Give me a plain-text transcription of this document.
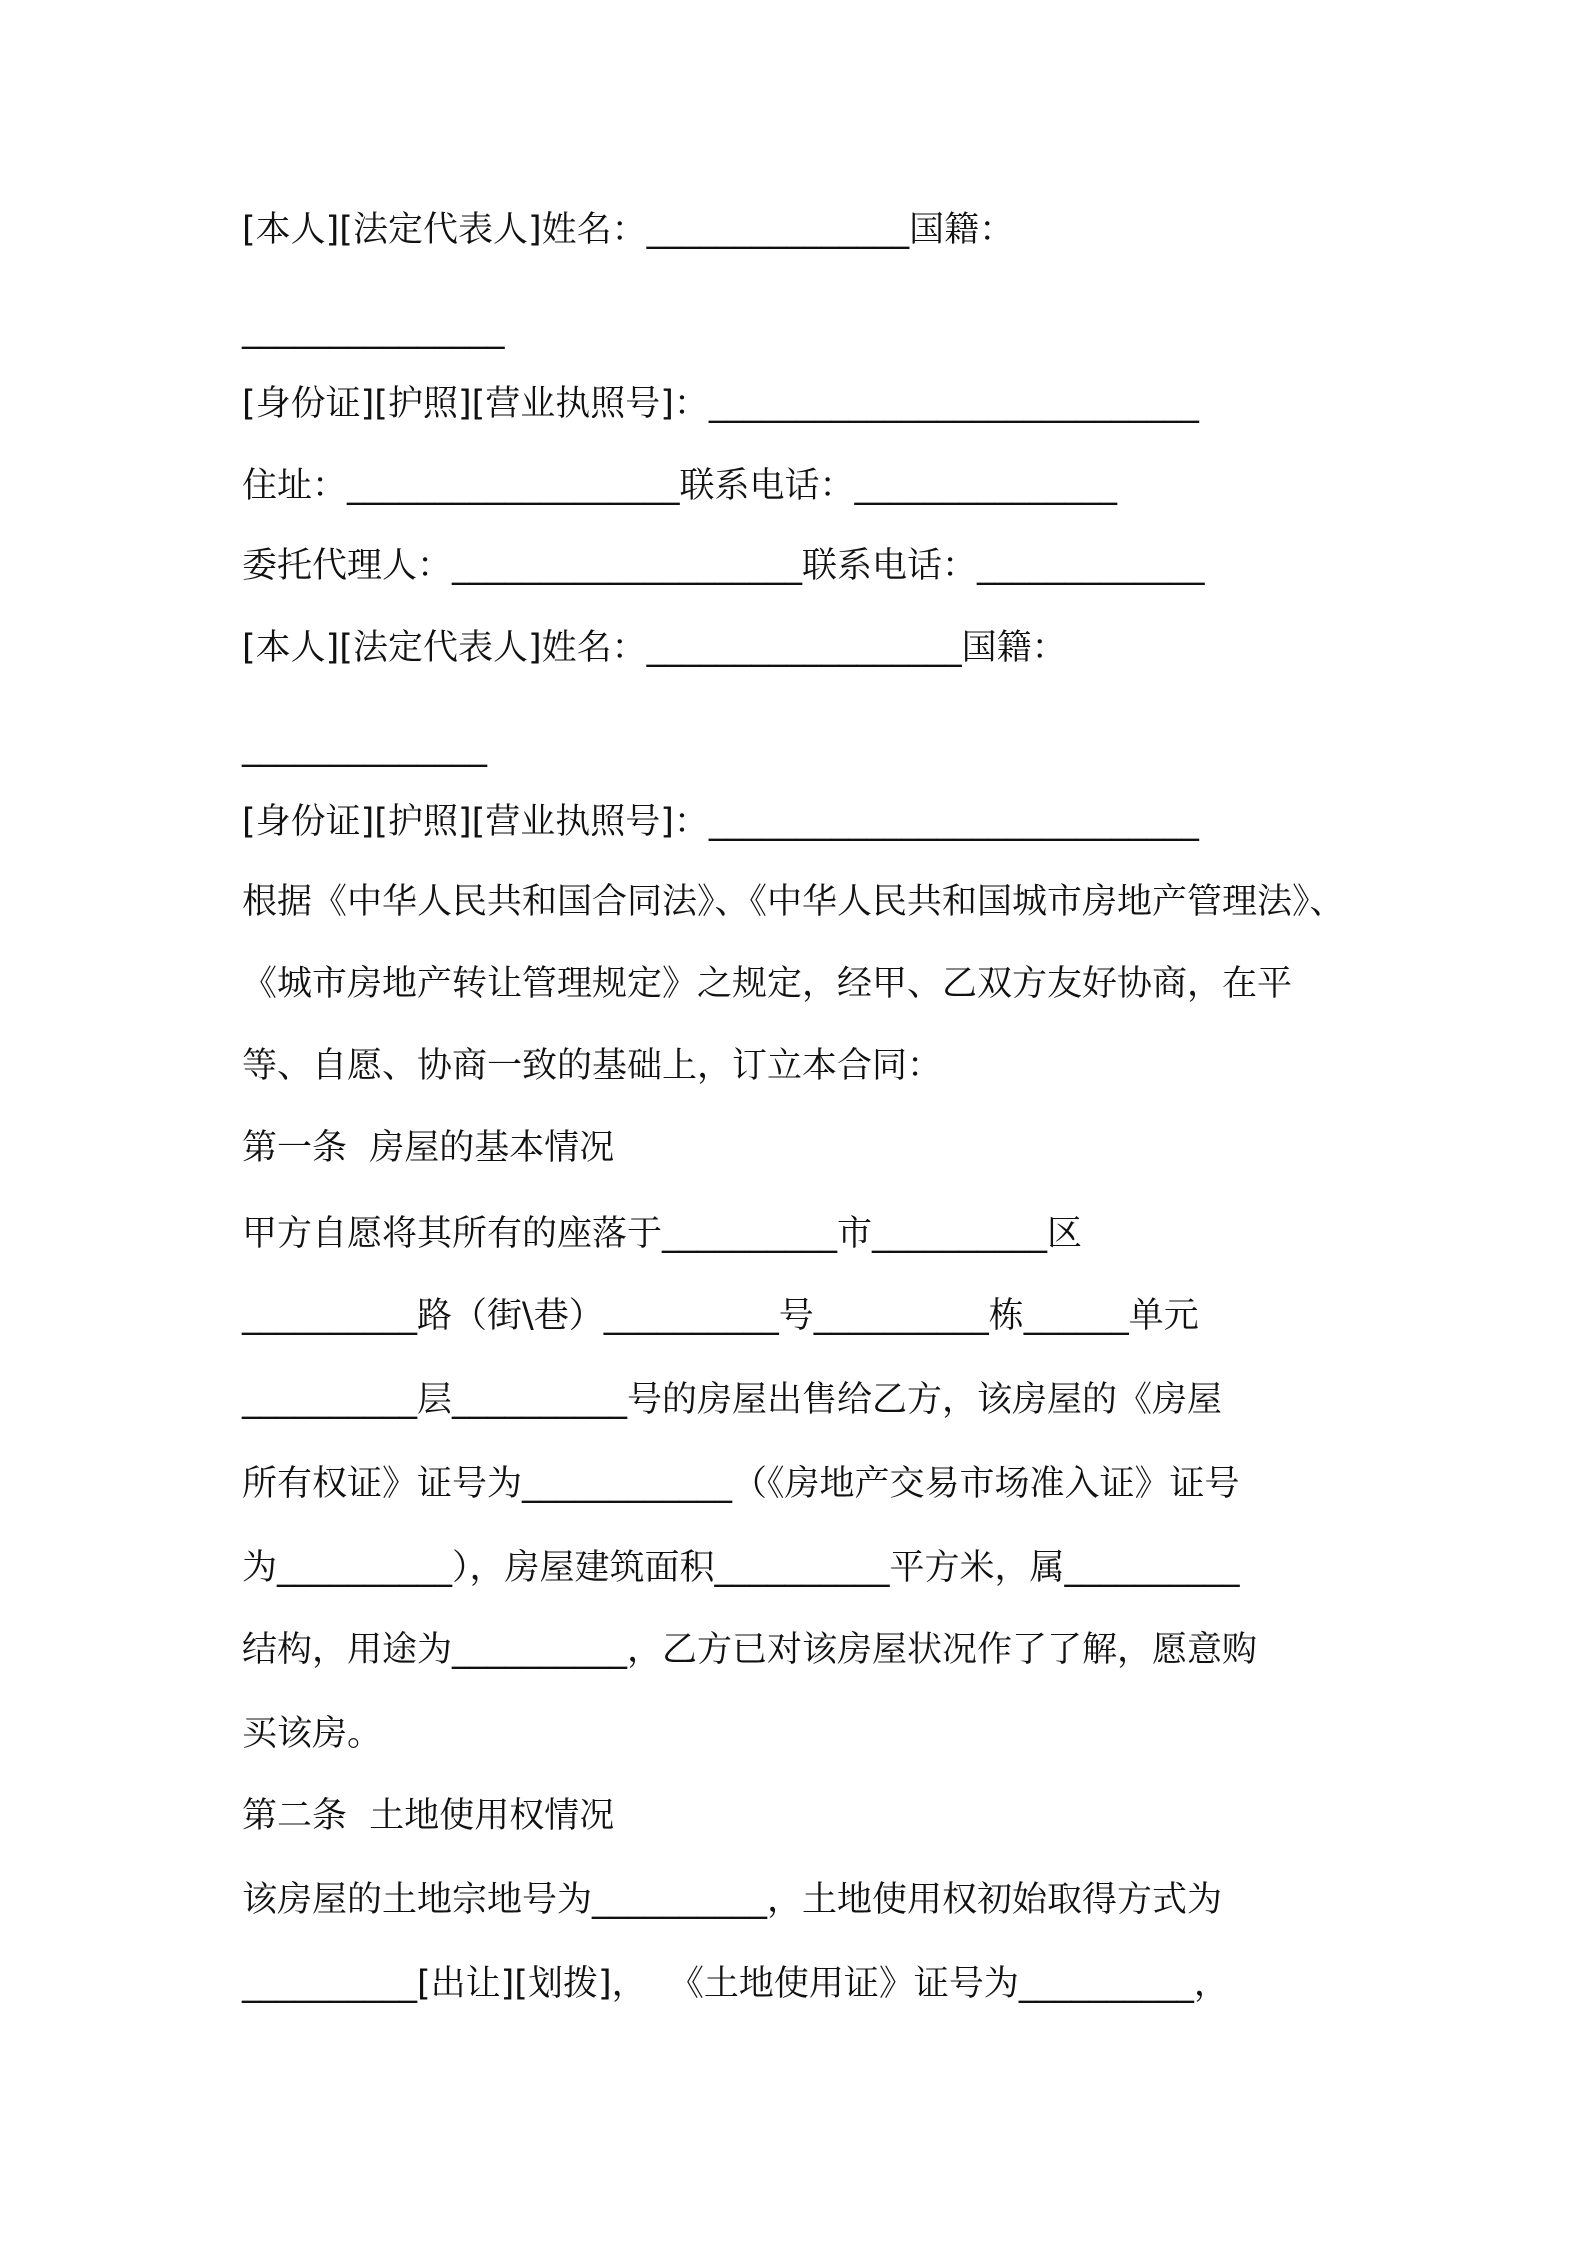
[本人][法定代表人]姓名：_______________国籍：
_______________
[身份证][护照][营业执照号]：____________________________
住址：___________________联系电话：_______________
委托代理人：____________________联系电话：_____________
[本人][法定代表人]姓名：__________________国籍：
______________
[身份证][护照][营业执照号]：____________________________
根据《中华人民共和国合同法》、《中华人民共和国城市房地产管理法》、
《城市房地产转让管理规定》之规定，经甲、乙双方友好协商，在平
等、自愿、协商一致的基础上，订立本合同：
第一条  房屋的基本情况
甲方自愿将其所有的座落于__________市__________区
__________路（街\巷）__________号__________栋______单元
__________层__________号的房屋出售给乙方，该房屋的《房屋
所有权证》证号为____________（《房地产交易市场准入证》证号
为__________），房屋建筑面积__________平方米，属__________
结构，用途为__________，乙方已对该房屋状况作了了解，愿意购
买该房。
第二条  土地使用权情况
该房屋的土地宗地号为__________，土地使用权初始取得方式为
__________[出让][划拨]，  《土地使用证》证号为__________，
